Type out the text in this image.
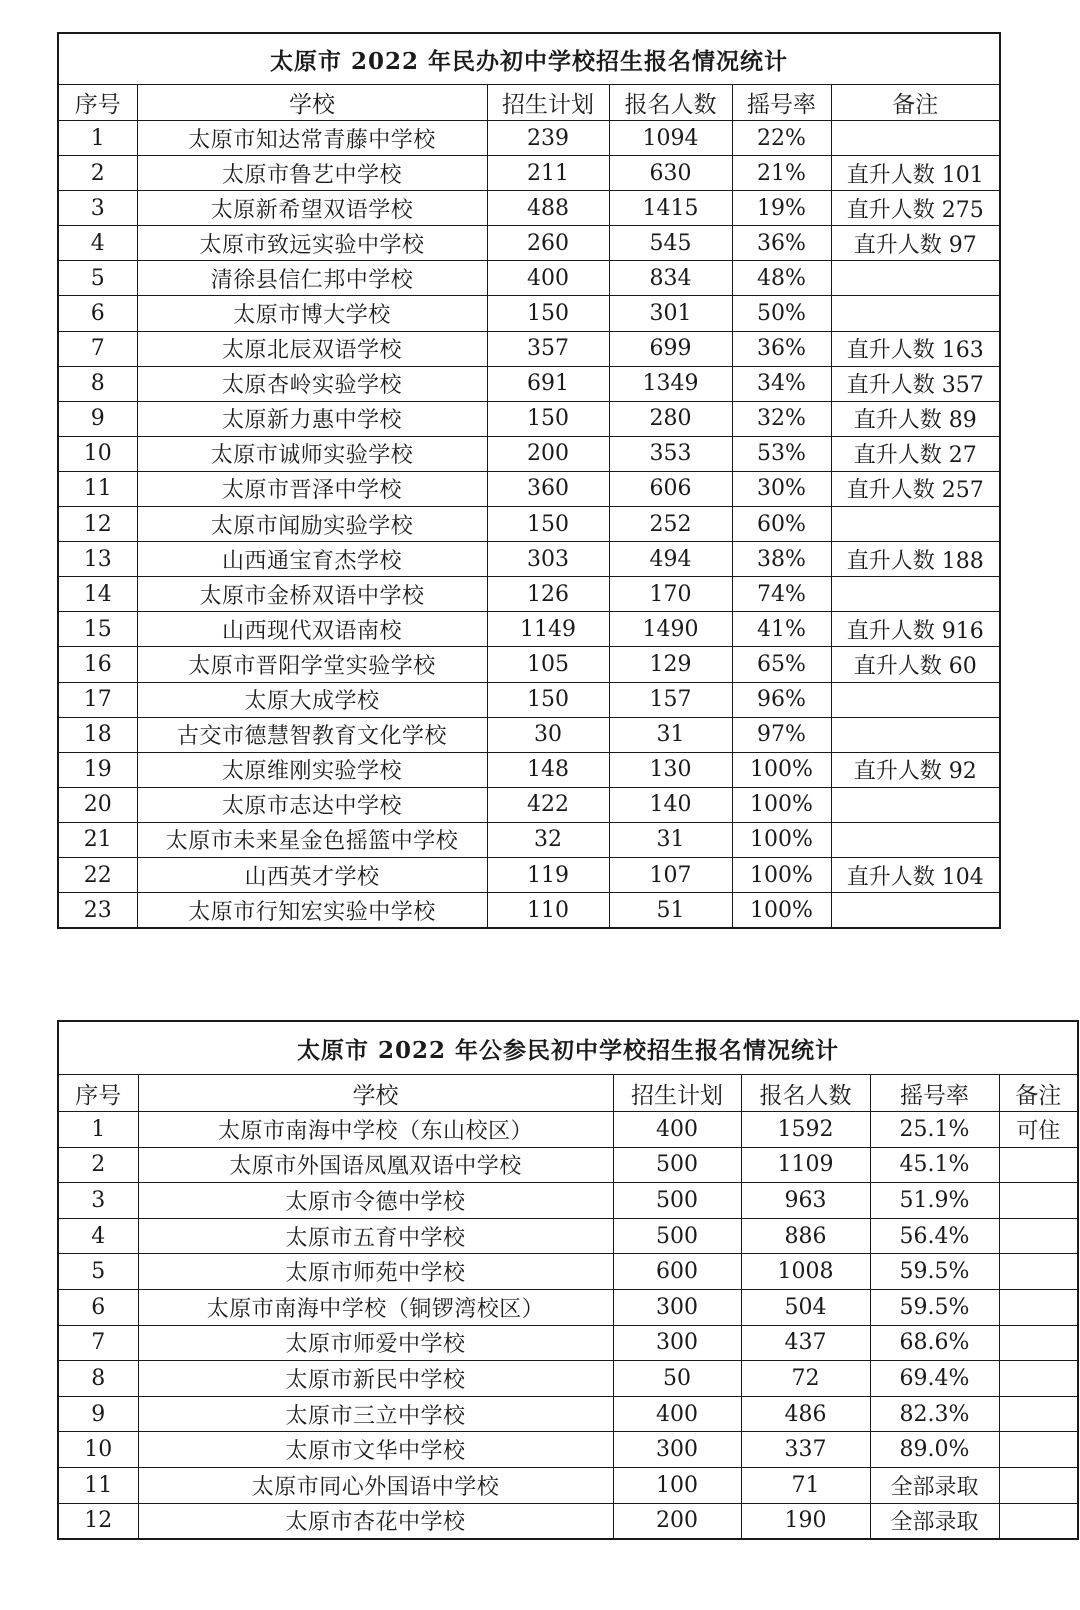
太原市 2022 年民办初中学校招生报名情况统计					
序号	学校	招生计划	报名人数	摇号率	备注
1	太原市知达常青藤中学校	239	1094	22%	
2	太原市鲁艺中学校	211	630	21%	直升人数 101
3	太原新希望双语学校	488	1415	19%	直升人数 275
4	太原市致远实验中学校	260	545	36%	直升人数 97
5	清徐县信仁邦中学校	400	834	48%	
6	太原市博大学校	150	301	50%	
7	太原北辰双语学校	357	699	36%	直升人数 163
8	太原杏岭实验学校	691	1349	34%	直升人数 357
9	太原新力惠中学校	150	280	32%	直升人数 89
10	太原市诚师实验学校	200	353	53%	直升人数 27
11	太原市晋泽中学校	360	606	30%	直升人数 257
12	太原市闻励实验学校	150	252	60%	
13	山西通宝育杰学校	303	494	38%	直升人数 188
14	太原市金桥双语中学校	126	170	74%	
15	山西现代双语南校	1149	1490	41%	直升人数 916
16	太原市晋阳学堂实验学校	105	129	65%	直升人数 60
17	太原大成学校	150	157	96%	
18	古交市德慧智教育文化学校	30	31	97%	
19	太原维刚实验学校	148	130	100%	直升人数 92
20	太原市志达中学校	422	140	100%	
21	太原市未来星金色摇篮中学校	32	31	100%	
22	山西英才学校	119	107	100%	直升人数 104
23	太原市行知宏实验中学校	110	51	100%	
太原市 2022 年公参民初中学校招生报名情况统计					
序号	学校	招生计划	报名人数	摇号率	备注
1	太原市南海中学校（东山校区）	400	1592	25.1%	可住
2	太原市外国语凤凰双语中学校	500	1109	45.1%	
3	太原市令德中学校	500	963	51.9%	
4	太原市五育中学校	500	886	56.4%	
5	太原市师苑中学校	600	1008	59.5%	
6	太原市南海中学校（铜锣湾校区）	300	504	59.5%	
7	太原市师爱中学校	300	437	68.6%	
8	太原市新民中学校	50	72	69.4%	
9	太原市三立中学校	400	486	82.3%	
10	太原市文华中学校	300	337	89.0%	
11	太原市同心外国语中学校	100	71	全部录取	
12	太原市杏花中学校	200	190	全部录取	
